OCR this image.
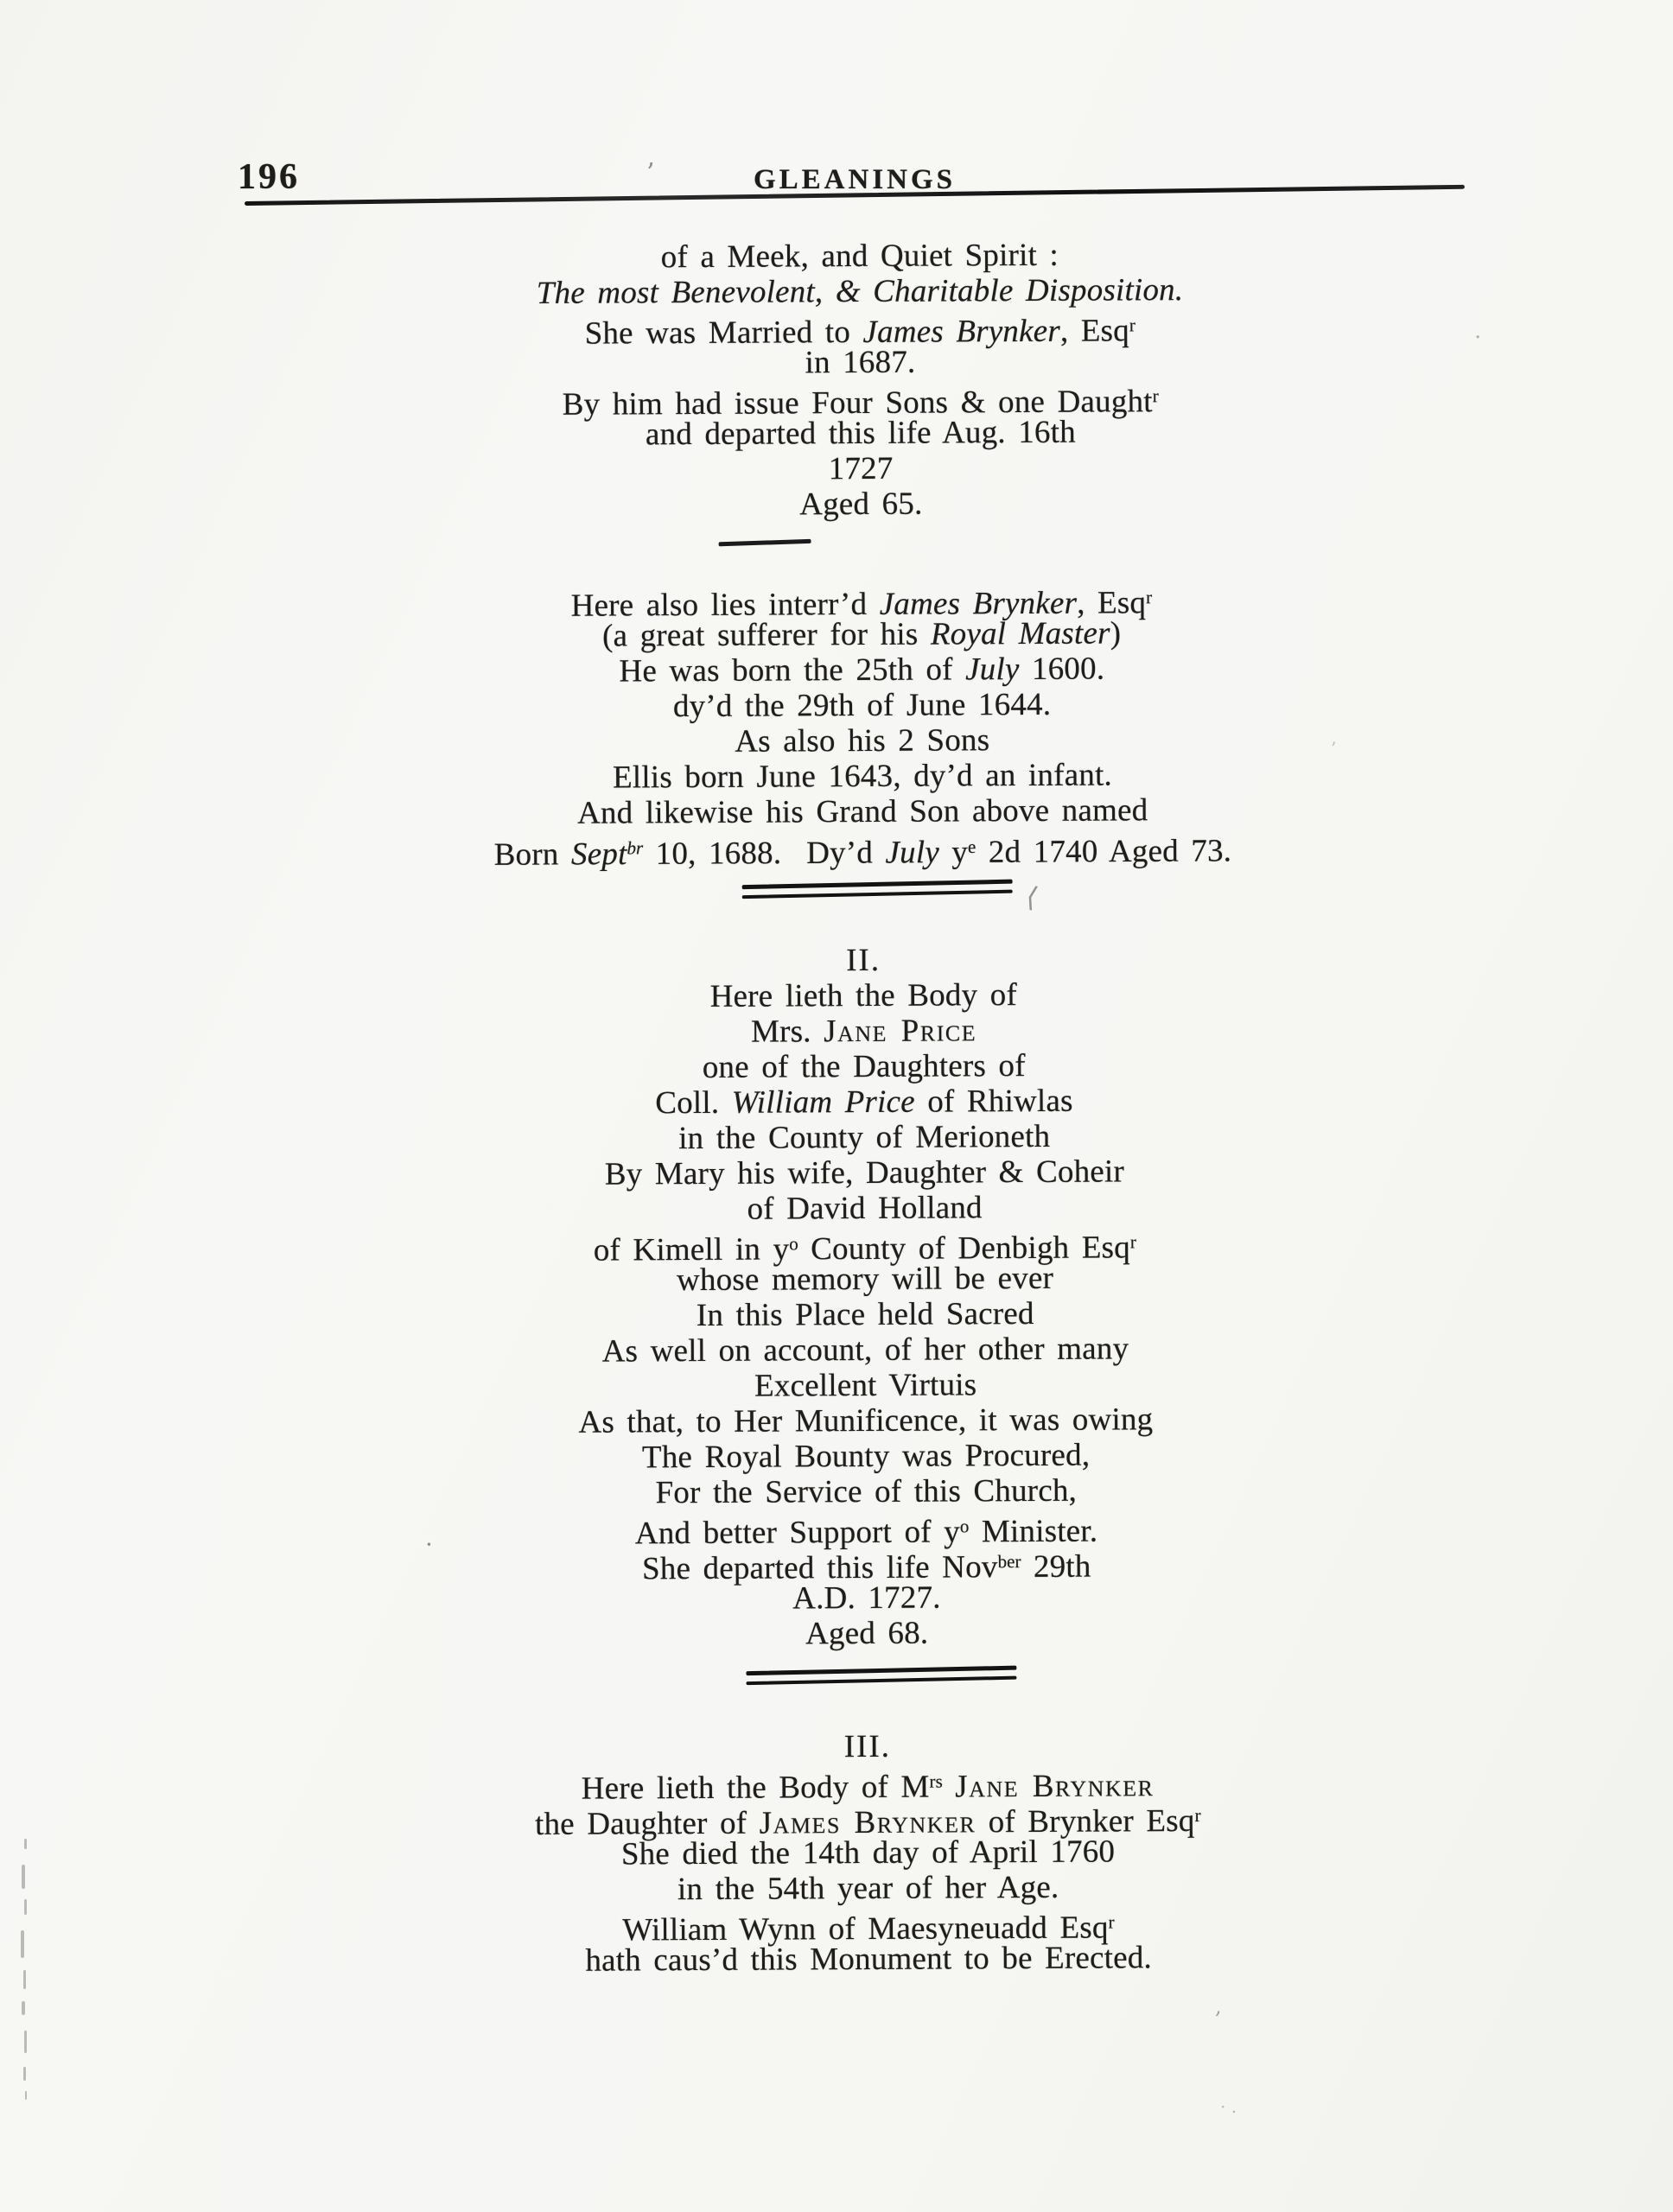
196	GLEANINGS
of a Meek, and Quiet Spirit :
The most Benevolent, & Charitable Disposition.
She was Married to James Brynker, Esq$^r$
in 1687.
By him had issue Four Sons & one Daught$^r$
and departed this life Aug. 16th
1727
Aged 65.
Here also lies interr’d James Brynker, Esq$^r$
(a great sufferer for his Royal Master)
He was born the 25th of July 1600.
dy’d the 29th of June 1644.
As also his 2 Sons
Ellis born June 1643, dy’d an infant.
And likewise his Grand Son above named
Born Sept$^{br}$ 10, 1688.  Dy’d July $y^e$ 2d 1740 Aged 73.
II.
Here lieth the Body of
Mrs. Jane Price
one of the Daughters of
Coll. William Price of Rhiwlas
in the County of Merioneth
By Mary his wife, Daughter & Coheir
of David Holland
of Kimell in $y^o$ County of Denbigh Esq$^r$
whose memory will be ever
In this Place held Sacred
As well on account, of her other many
Excellent Virtuis
As that, to Her Munificence, it was owing
The Royal Bounty was Procured,
For the Service of this Church,
And better Support of $y^o$ Minister.
She departed this life Nov$^{ber}$ 29th
A.D. 1727.
Aged 68.
III.
Here lieth the Body of $M^{rs}$ Jane Brynker
the Daughter of James Brynker of Brynker Esq$^r$
She died the 14th day of April 1760
in the 54th year of her Age.
William Wynn of Maesyneuadd Esq$^r$
hath caus’d this Monument to be Erected.
’
⟨
’
·
·
,
· .
